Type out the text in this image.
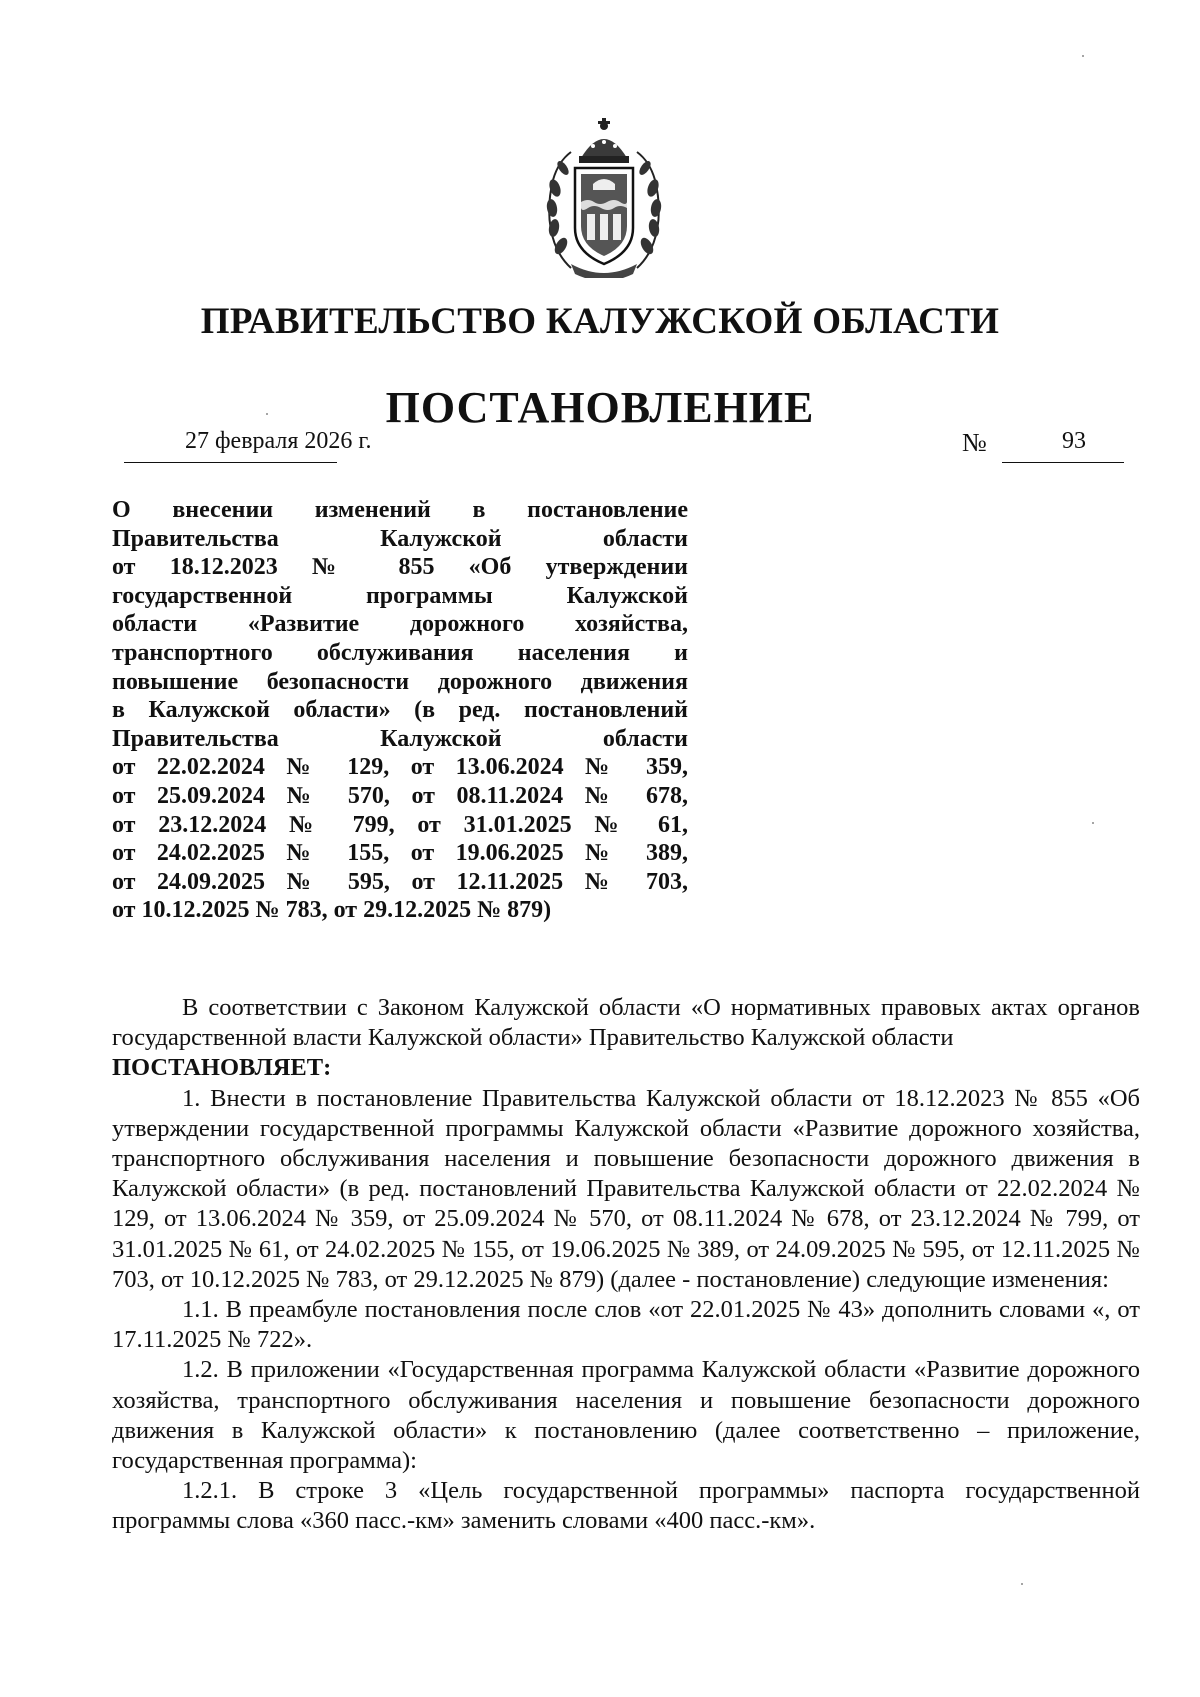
ПРАВИТЕЛЬСТВО КАЛУЖСКОЙ ОБЛАСТИ
ПОСТАНОВЛЕНИЕ
27 февраля 2026 г.	№	93
О внесении изменений в постановление
Правительства Калужской области
от 18.12.2023 № 855 «Об утверждении
государственной программы Калужской
области «Развитие дорожного хозяйства,
транспортного обслуживания населения и
повышение безопасности дорожного движения
в Калужской области» (в ред. постановлений
Правительства Калужской области
от 22.02.2024 № 129, от 13.06.2024 № 359,
от 25.09.2024 № 570, от 08.11.2024 № 678,
от 23.12.2024 № 799, от 31.01.2025 № 61,
от 24.02.2025 № 155, от 19.06.2025 № 389,
от 24.09.2025 № 595, от 12.11.2025 № 703,
от 10.12.2025 № 783, от 29.12.2025 № 879)

В соответствии с Законом Калужской области «О нормативных правовых актах органов государственной власти Калужской области» Правительство Калужской области

ПОСТАНОВЛЯЕТ:

1. Внести в постановление Правительства Калужской области от 18.12.2023 № 855 «Об утверждении государственной программы Калужской области «Развитие дорожного хозяйства, транспортного обслуживания населения и повышение безопасности дорожного движения в Калужской области» (в ред. постановлений Правительства Калужской области от 22.02.2024 № 129, от 13.06.2024 № 359, от 25.09.2024 № 570, от 08.11.2024 № 678, от 23.12.2024 № 799, от 31.01.2025 № 61, от 24.02.2025 № 155, от 19.06.2025 № 389, от 24.09.2025 № 595, от 12.11.2025 № 703, от 10.12.2025 № 783, от 29.12.2025 № 879) (далее - постановление) следующие изменения:

1.1. В преамбуле постановления после слов «от 22.01.2025 № 43» дополнить словами «, от 17.11.2025 № 722».

1.2. В приложении «Государственная программа Калужской области «Развитие дорожного хозяйства, транспортного обслуживания населения и повышение безопасности дорожного движения в Калужской области» к постановлению (далее соответственно – приложение, государственная программа):

1.2.1. В строке 3 «Цель государственной программы» паспорта государственной программы слова «360 пасс.-км» заменить словами «400 пасс.-км».
